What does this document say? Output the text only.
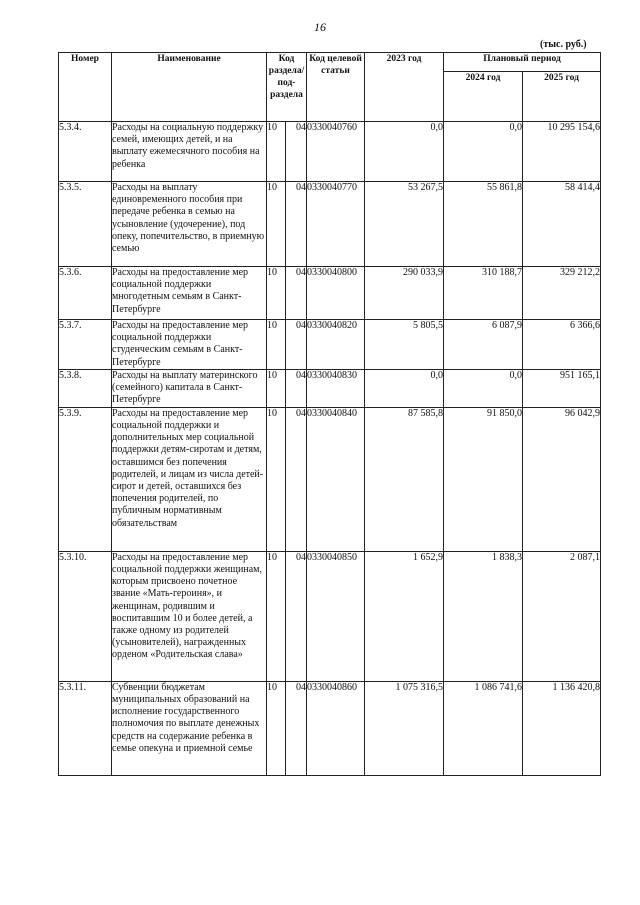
16
(тыс. руб.)
Номер	Наименование	Код раздела/ под- раздела		Код целевой статьи	2023 год	Плановый период	
						2024 год	2025 год
5.3.4.	Расходы на социальную поддержку семей, имеющих детей, и на выплату ежемесячного пособия на ребенка	10	04	0330040760	0,0	0,0	10 295 154,6
5.3.5.	Расходы на выплату единовременного пособия при передаче ребенка в семью на усыновление (удочерение), под опеку, попечительство, в приемную семью	10	04	0330040770	53 267,5	55 861,8	58 414,4
5.3.6.	Расходы на предоставление мер социальной поддержки многодетным семьям в Санкт-Петербурге	10	04	0330040800	290 033,9	310 188,7	329 212,2
5.3.7.	Расходы на предоставление мер социальной поддержки студенческим семьям в Санкт-Петербурге	10	04	0330040820	5 805,5	6 087,9	6 366,6
5.3.8.	Расходы на выплату материнского (семейного) капитала в Санкт-Петербурге	10	04	0330040830	0,0	0,0	951 165,1
5.3.9.	Расходы на предоставление мер социальной поддержки и дополнительных мер социальной поддержки детям-сиротам и детям, оставшимся без попечения родителей, и лицам из числа детей-сирот и детей, оставшихся без попечения родителей, по публичным нормативным обязательствам	10	04	0330040840	87 585,8	91 850,0	96 042,9
5.3.10.	Расходы на предоставление мер социальной поддержки женщинам, которым присвоено почетное звание «Мать-героиня», и женщинам, родившим и воспитавшим 10 и более детей, а также одному из родителей (усыновителей), награжденных орденом «Родительская слава»	10	04	0330040850	1 652,9	1 838,3	2 087,1
5.3.11.	Субвенции бюджетам муниципальных образований на исполнение государственного полномочия по выплате денежных средств на содержание ребенка в семье опекуна и приемной семье	10	04	0330040860	1 075 316,5	1 086 741,6	1 136 420,8
